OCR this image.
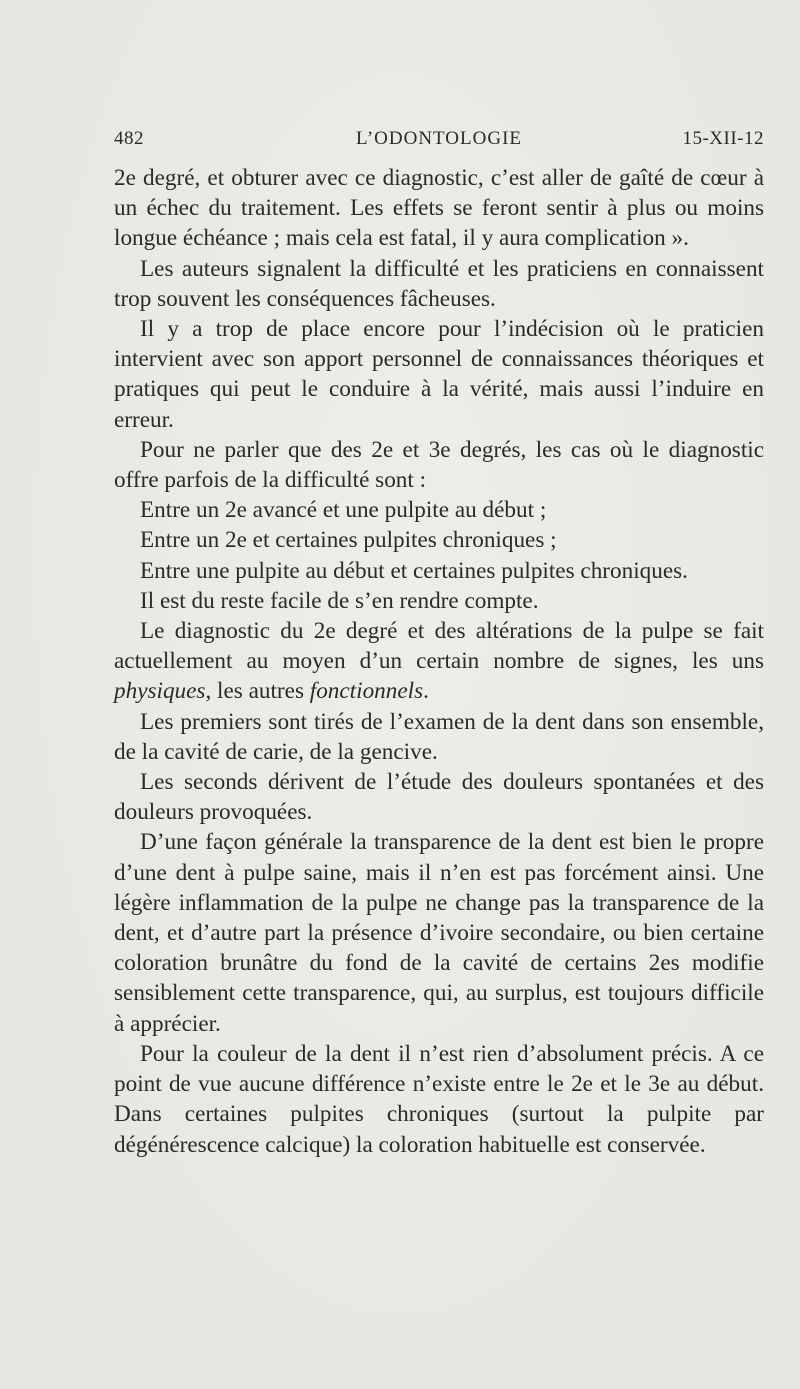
482	L’ODONTOLOGIE	15-XII-12

2e degré, et obturer avec ce diagnostic, c’est aller de gaîté de cœur à un échec du traitement. Les effets se feront sentir à plus ou moins longue échéance ; mais cela est fatal, il y aura complication ».

Les auteurs signalent la difficulté et les praticiens en connaissent trop souvent les conséquences fâcheuses.

Il y a trop de place encore pour l’indécision où le praticien intervient avec son apport personnel de connaissances théoriques et pratiques qui peut le conduire à la vérité, mais aussi l’induire en erreur.

Pour ne parler que des 2e et 3e degrés, les cas où le diagnostic offre parfois de la difficulté sont :

Entre un 2e avancé et une pulpite au début ;

Entre un 2e et certaines pulpites chroniques ;

Entre une pulpite au début et certaines pulpites chroniques.

Il est du reste facile de s’en rendre compte.

Le diagnostic du 2e degré et des altérations de la pulpe se fait actuellement au moyen d’un certain nombre de signes, les uns physiques, les autres fonctionnels.

Les premiers sont tirés de l’examen de la dent dans son ensemble, de la cavité de carie, de la gencive.

Les seconds dérivent de l’étude des douleurs spontanées et des douleurs provoquées.

D’une façon générale la transparence de la dent est bien le propre d’une dent à pulpe saine, mais il n’en est pas forcément ainsi. Une légère inflammation de la pulpe ne change pas la transparence de la dent, et d’autre part la présence d’ivoire secondaire, ou bien certaine coloration brunâtre du fond de la cavité de certains 2es modifie sensiblement cette transparence, qui, au surplus, est toujours difficile à apprécier.

Pour la couleur de la dent il n’est rien d’absolument précis. A ce point de vue aucune différence n’existe entre le 2e et le 3e au début. Dans certaines pulpites chroniques (surtout la pulpite par dégénérescence calcique) la coloration habituelle est conservée.
